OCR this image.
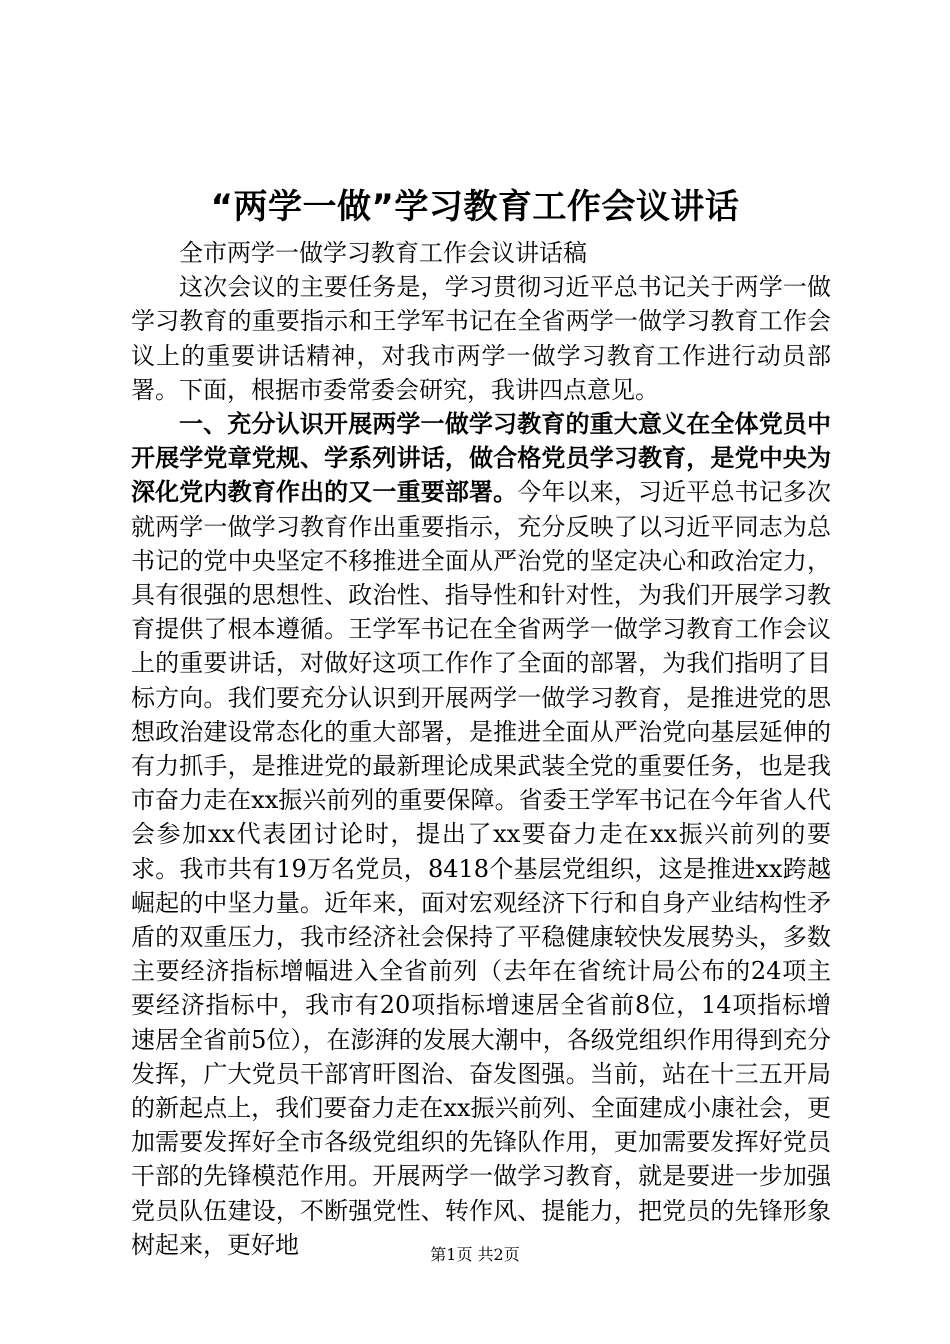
“两学一做”学习教育工作会议讲话

全市两学一做学习教育工作会议讲话稿

这次会议的主要任务是，学习贯彻习近平总书记关于两学一做学习教育的重要指示和王学军书记在全省两学一做学习教育工作会议上的重要讲话精神，对我市两学一做学习教育工作进行动员部署。下面，根据市委常委会研究，我讲四点意见。

一、充分认识开展两学一做学习教育的重大意义在全体党员中开展学党章党规、学系列讲话，做合格党员学习教育，是党中央为深化党内教育作出的又一重要部署。今年以来，习近平总书记多次就两学一做学习教育作出重要指示，充分反映了以习近平同志为总书记的党中央坚定不移推进全面从严治党的坚定决心和政治定力，具有很强的思想性、政治性、指导性和针对性，为我们开展学习教育提供了根本遵循。王学军书记在全省两学一做学习教育工作会议上的重要讲话，对做好这项工作作了全面的部署，为我们指明了目标方向。我们要充分认识到开展两学一做学习教育，是推进党的思想政治建设常态化的重大部署，是推进全面从严治党向基层延伸的有力抓手，是推进党的最新理论成果武装全党的重要任务，也是我市奋力走在xx振兴前列的重要保障。省委王学军书记在今年省人代会参加xx代表团讨论时，提出了xx要奋力走在xx振兴前列的要求。我市共有19万名党员，8418个基层党组织，这是推进xx跨越崛起的中坚力量。近年来，面对宏观经济下行和自身产业结构性矛盾的双重压力，我市经济社会保持了平稳健康较快发展势头，多数主要经济指标增幅进入全省前列（去年在省统计局公布的24项主要经济指标中，我市有20项指标增速居全省前8位，14项指标增速居全省前5位），在澎湃的发展大潮中，各级党组织作用得到充分发挥，广大党员干部宵旰图治、奋发图强。当前，站在十三五开局的新起点上，我们要奋力走在xx振兴前列、全面建成小康社会，更加需要发挥好全市各级党组织的先锋队作用，更加需要发挥好党员干部的先锋模范作用。开展两学一做学习教育，就是要进一步加强党员队伍建设，不断强党性、转作风、提能力，把党员的先锋形象树起来，更好地	第1页 共2页
